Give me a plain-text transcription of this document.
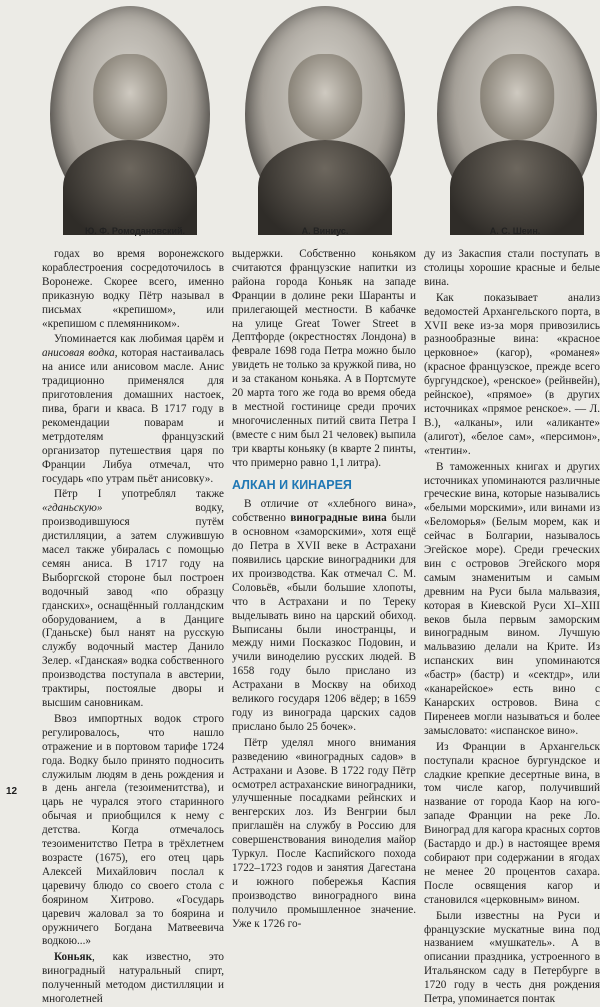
Ю. Ф. Ромодановский.	А. Виниус.	А. С. Шеин.

годах во время воронежского кораблестроения сосредоточилось в Воронеже. Скорее всего, именно приказную водку Пётр называл в письмах «крепишом», или «крепишом с племянником».

Упоминается как любимая царём и анисовая водка, которая настаивалась на анисе или анисовом масле. Анис традиционно применялся для приготовления домашних настоек, пива, браги и кваса. В 1717 году в рекомендации поварам и метрдотелям французский организатор путешествия царя по Франции Либуа отмечал, что государь «по утрам пьёт анисовку».

Пётр I употреблял также «гданьскую» водку, производившуюся путём дистилляции, а затем служившую масел также убиралась с помощью семян аниса. В 1717 году на Выборгской стороне был построен водочный завод «по образцу гданских», оснащённый голландским оборудованием, а в Данциге (Гданьске) был нанят на русскую службу водочный мастер Данило Зелер. «Гданская» водка собственного производства поступала в австерии, трактиры, постоялые дворы и высшим сановникам.

Ввоз импортных водок строго регулировалось, что нашло отражение и в портовом тарифе 1724 года. Водку было принято подносить служилым людям в день рождения и в день ангела (тезоименитства), и царь не чурался этого старинного обычая и приобщился к нему с детства. Когда отмечалось тезоименитство Петра в трёхлетнем возрасте (1675), его отец царь Алексей Михайлович послал к царевичу блюдо со своего стола с боярином Хитрово. «Государь царевич жаловал за то боярина и оружничего Богдана Матвеевича водкою...»

Коньяк, как известно, это виноградный натуральный спирт, полученный методом дистилляции и многолетней

выдержки. Собственно коньяком считаются французские напитки из района города Коньяк на западе Франции в долине реки Шаранты и прилегающей местности. В кабачке на улице Great Tower Street в Дептфорде (окрестностях Лондона) в феврале 1698 года Петра можно было увидеть не только за кружкой пива, но и за стаканом коньяка. А в Портсмуте 20 марта того же года во время обеда в местной гостинице среди прочих многочисленных питий свита Петра I (вместе с ним был 21 человек) выпила три кварты коньяку (в кварте 2 пинты, что примерно равно 1,1 литра).

АЛКАН И КИНАРЕЯ

В отличие от «хлебного вина», собственно виноградные вина были в основном «заморскими», хотя ещё до Петра в XVII веке в Астрахани появились царские виноградники для их производства. Как отмечал С. М. Соловьёв, «были большие хлопоты, что в Астрахани и по Тереку выделывать вино на царский обиход. Выписаны были иностранцы, и между ними Посказкос Подовин, и учили виноделию русских людей. В 1658 году было прислано из Астрахани в Москву на обиход великого государя 1206 вёдер; в 1659 году из винограда царских садов прислано было 25 бочек».

Пётр уделял много внимания разведению «виноградных садов» в Астрахани и Азове. В 1722 году Пётр осмотрел астраханские виноградники, улучшенные посадками рейнских и венгерских лоз. Из Венгрии был приглашён на службу в Россию для совершенствования виноделия майор Туркул. После Каспийского похода 1722–1723 годов и занятия Дагестана и южного побережья Каспия производство виноградного вина получило промышленное значение. Уже к 1726 го-

ду из Закаспия стали поступать в столицы хорошие красные и белые вина.

Как показывает анализ ведомостей Архангельского порта, в XVII веке из-за моря привозились разнообразные вина: «красное церковное» (кагор), «романея» (красное французское, прежде всего бургундское), «ренское» (рейнвейн), рейнское), «прямое» (в других источниках «прямое ренское». — Л. В.), «алканы», или «аликанте» (алигот), «белое сам», «персимон», «тентин».

В таможенных книгах и других источниках упоминаются различные греческие вина, которые назывались «белыми морскими», или винами из «Беломорья» (Белым морем, как и сейчас в Болгарии, называлось Эгейское море). Среди греческих вин с островов Эгейского моря самым знаменитым и самым древним на Руси была мальвазия, которая в Киевской Руси XI–XIII веков была первым заморским виноградным вином. Лучшую мальвазию делали на Крите. Из испанских вин упоминаются «бастр» (бастр) и «сектдр», или «канарейское» есть вино с Канарских островов. Вина с Пиренеев могли называться и более замысловато: «испанское вино».

Из Франции в Архангельск поступали красное бургундское и сладкие крепкие десертные вина, в том числе кагор, получивший название от города Каор на юго-западе Франции на реке Ло. Виноград для кагора красных сортов (Бастардо и др.) в настоящее время собирают при содержании в ягодах не менее 20 процентов сахара. После освящения кагор и становился «церковным» вином.

Были известны на Руси и французские мускатные вина под названием «мушкатель». А в описании праздника, устроенного в Итальянском саду в Петербурге в 1720 году в честь дня рождения Петра, упоминается понтак

12
